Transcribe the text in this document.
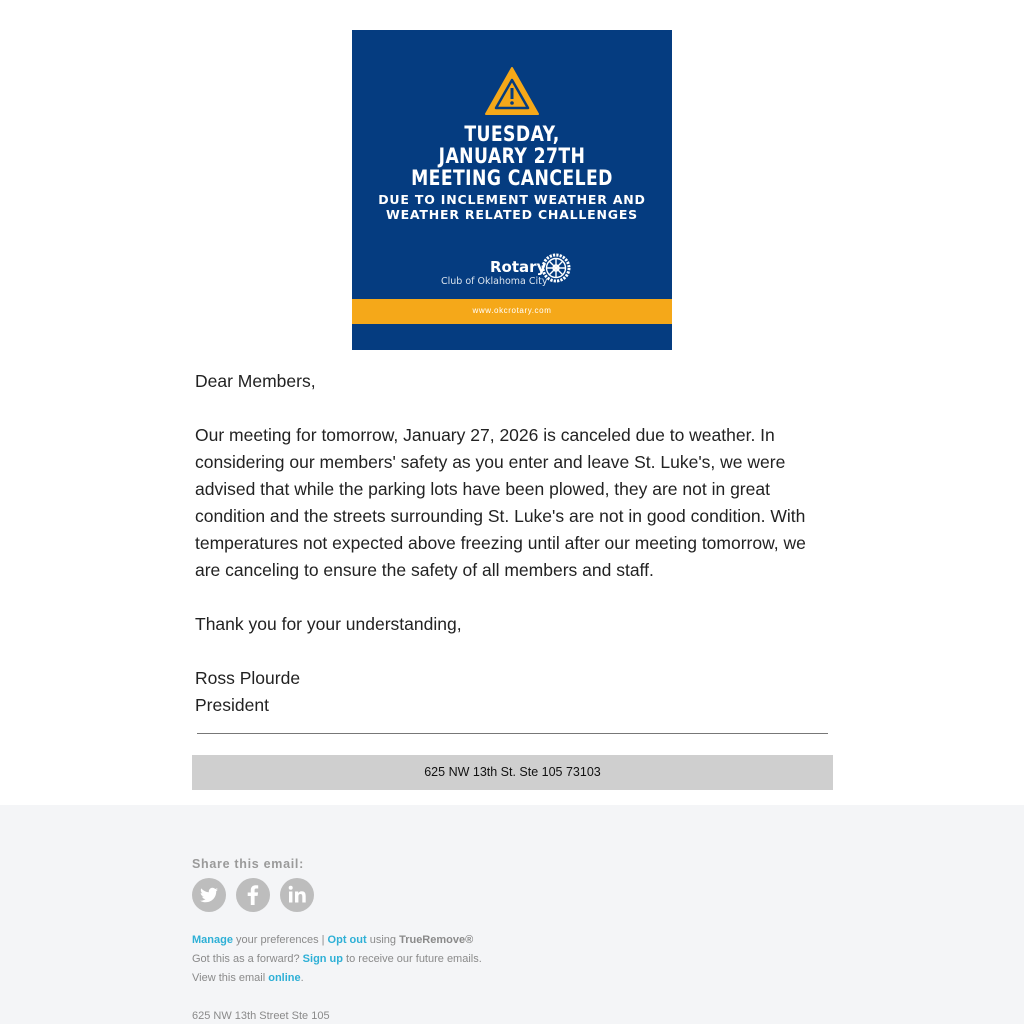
TUESDAY,
JANUARY 27TH
MEETING CANCELED
DUE TO INCLEMENT WEATHER AND
WEATHER RELATED CHALLENGES
Rotary
Club of Oklahoma City
www.okcrotary.com

Dear Members,

Our meeting for tomorrow, January 27, 2026 is canceled due to weather. In considering our members' safety as you enter and leave St. Luke's, we were advised that while the parking lots have been plowed, they are not in great condition and the streets surrounding St. Luke's are not in good condition. With temperatures not expected above freezing until after our meeting tomorrow, we are canceling to ensure the safety of all members and staff.

Thank you for your understanding,

Ross Plourde

President

625 NW 13th St. Ste 105 73103
Share this email:
Manage your preferences | Opt out using TrueRemove®
Got this as a forward? Sign up to receive our future emails.
View this email online.
625 NW 13th Street Ste 105
